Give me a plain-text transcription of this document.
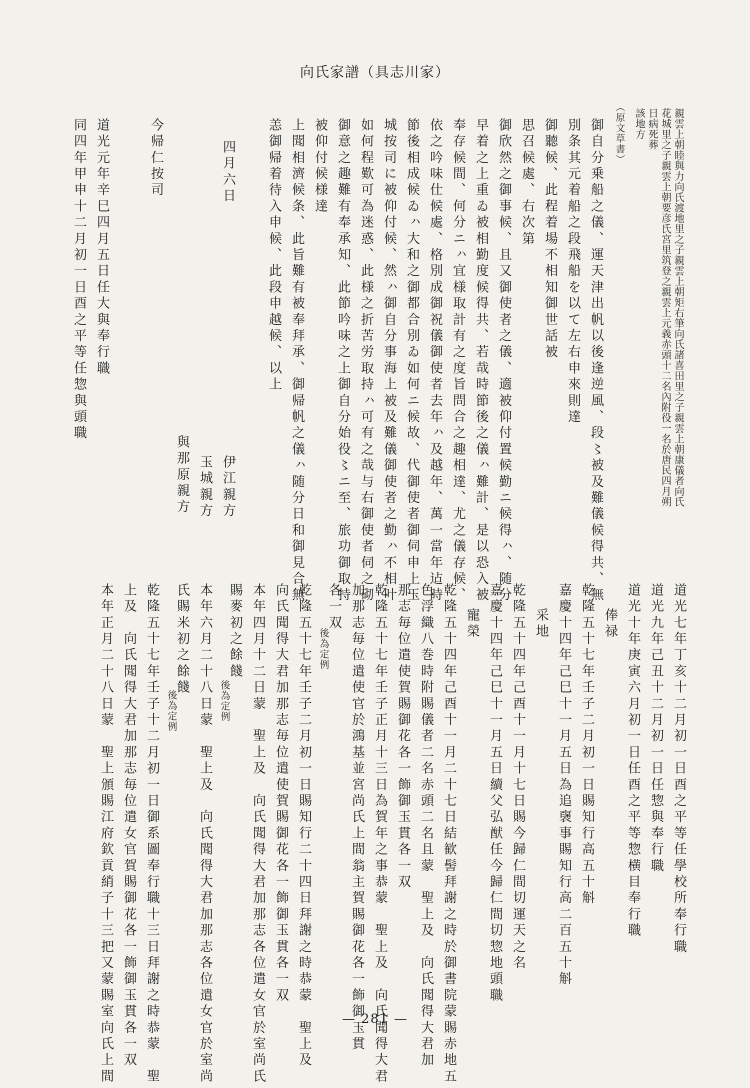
向氏家譜（具志川家）
親雲上朝睦與力向氏渡地里之子親雲上朝矩右筆向氏諸喜田里之子親雲上朝康儀者向氏
花城里之子親雲上朝要彦氏宮里筑登之親雲上元義赤頭十二名內附役一名於唐民四月朔
日病死葬
該地方
（原文草書）
御自分乗船之儀、運天津出帆以後逢逆風、段〻被及難儀候得共、無
別条其元着船之段飛船を以て左右申來則達
御聽候、此程着場不相知御世話被
思召候處、右次第
御欣然之御事候、且又御使者之儀、適被仰付置候勤ニ候得ㇵ、随分
早着之上重ゐ被相勤度候得共、若哉時節後之儀ㇵ難計、是以恐入被
奉存候間、何分ニㇵ宜様取計有之度旨問合之趣相達、尤之儀存候、
依之吟味仕候處、格別成御祝儀御使者去年ㇵ及越年、萬一當年迠時
節後相成候ゐㇵ大和之御都合別ゐ如何ニ候故、代御使者御伺申上玉
城按司に被仰付候、然ㇵ御自分事海上被及難儀御使者之勤ㇵ不相叶
如何程歎可為迷惑、此様之折苦労取持ㇵ可有之哉与右御使者伺之砌
御意之趣難有奉承知、此節吟味之上御自分始役〻ニ至、旅功御取持
被仰付候様達
上聞相濟候条、此旨難有被奉拜承、御帰帆之儀ㇵ随分日和御見合無
恙御帰着待入申候、此段申越候、以上
四月六日
伊江親方
玉城親方
與那原親方
今帰仁按司
道光元年辛巳四月五日任大與奉行職
同四年甲申十二月初一日酉之平等任惣與頭職
道光七年丁亥十二月初一日酉之平等任學校所奉行職
道光九年己丑十二月初一日任惣與奉行職
道光十年庚寅六月初一日任酉之平等惣横目奉行職
俸禄
乾隆五十七年壬子二月初一日賜知行高五十斛
嘉慶十四年己巳十一月五日為追襃事賜知行高二百五十斛
采地
乾隆五十四年己酉十一月十七日賜今歸仁間切運天之名
嘉慶十四年己巳十一月五日續父弘猷任今歸仁間切惣地頭職
寵榮
乾隆五十四年己酉十一月二十七日結歓髻拜謝之時於御書院蒙賜赤地五
色浮織八巻時附賜儀者二名赤頭二名且蒙　聖上及　向氏聞得大君加
那志毎位遣使賀賜御花各一飾御玉貫各一双
乾隆五十七年壬子正月十三日為賀年之事恭蒙　聖上及　向氏聞得大君
加那志毎位遣使官於鴻基並宮尚氏上間翁主賀賜御花各一飾御玉貫
各一双
後為定例
乾隆五十七年壬子二月初一日賜知行二十四日拜謝之時恭蒙　聖上及
向氏聞得大君加那志毎位遣使賀賜御花各一飾御玉貫各一双
本年四月十二日蒙　聖上及　向氏聞得大君加那志各位遣女官於室尚氏
賜麥初之餘餞
後為定例
本年六月二十八日蒙　聖上及　向氏聞得大君加那志各位遣女官於室尚
氏賜米初之餘餞
後為定例
乾隆五十七年壬子十二月初一日御系圖奉行職十三日拜謝之時恭蒙　聖
上及　向氏聞得大君加那志毎位遣女官賀賜御花各一飾御玉貫各一双
本年正月二十八日蒙　聖上頒賜江府欽貢綃子十三把又蒙賜室向氏上間	— 281 —
